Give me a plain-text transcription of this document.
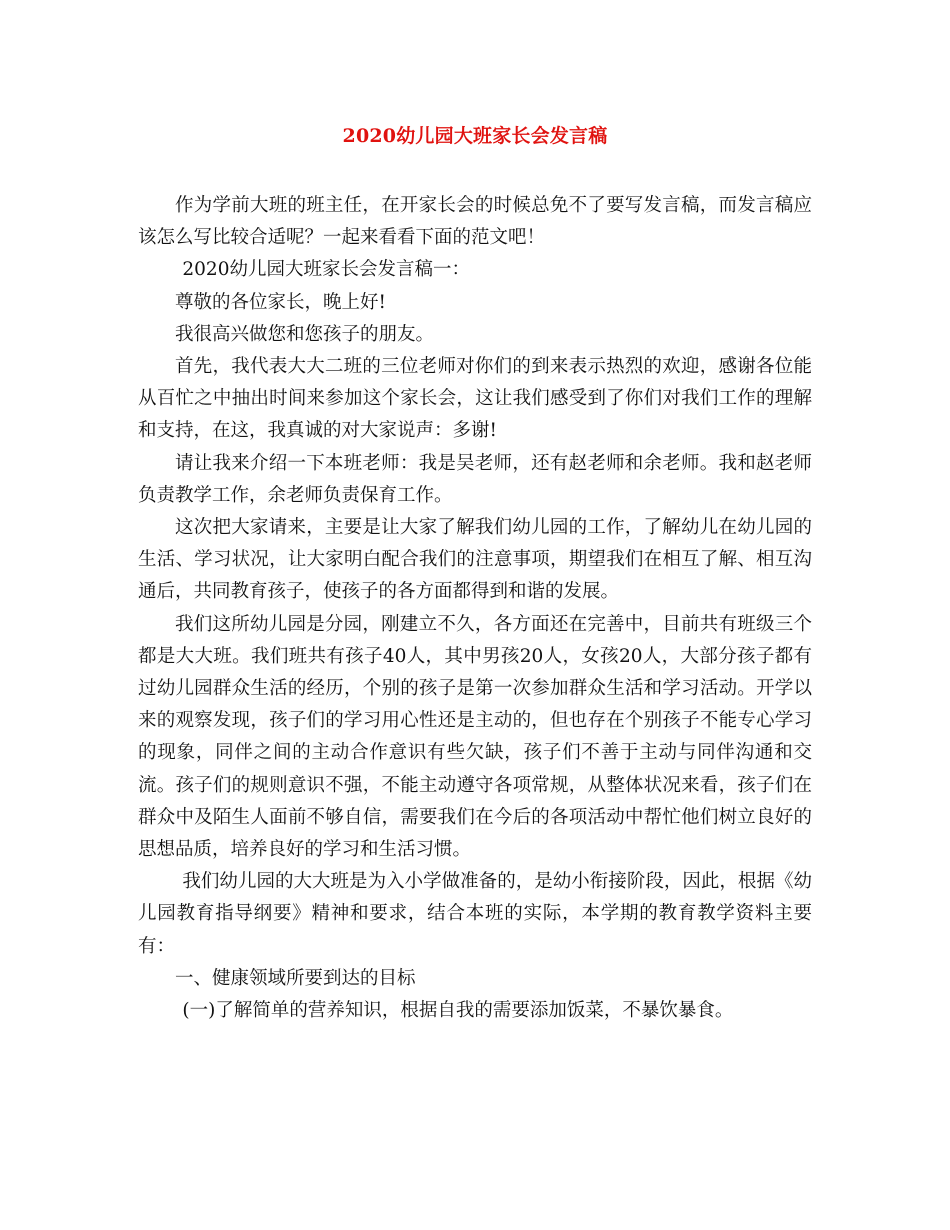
2020幼儿园大班家长会发言稿

作为学前大班的班主任，在开家长会的时候总免不了要写发言稿，而发言稿应该怎么写比较合适呢？一起来看看下面的范文吧！

2020幼儿园大班家长会发言稿一：

尊敬的各位家长，晚上好!

我很高兴做您和您孩子的朋友。

首先，我代表大大二班的三位老师对你们的到来表示热烈的欢迎，感谢各位能从百忙之中抽出时间来参加这个家长会，这让我们感受到了你们对我们工作的理解和支持，在这，我真诚的对大家说声：多谢!

请让我来介绍一下本班老师：我是吴老师，还有赵老师和余老师。我和赵老师负责教学工作，余老师负责保育工作。

这次把大家请来，主要是让大家了解我们幼儿园的工作，了解幼儿在幼儿园的生活、学习状况，让大家明白配合我们的注意事项，期望我们在相互了解、相互沟通后，共同教育孩子，使孩子的各方面都得到和谐的发展。

我们这所幼儿园是分园，刚建立不久，各方面还在完善中，目前共有班级三个都是大大班。我们班共有孩子40人，其中男孩20人，女孩20人，大部分孩子都有过幼儿园群众生活的经历，个别的孩子是第一次参加群众生活和学习活动。开学以来的观察发现，孩子们的学习用心性还是主动的，但也存在个别孩子不能专心学习的现象，同伴之间的主动合作意识有些欠缺，孩子们不善于主动与同伴沟通和交流。孩子们的规则意识不强，不能主动遵守各项常规，从整体状况来看，孩子们在群众中及陌生人面前不够自信，需要我们在今后的各项活动中帮忙他们树立良好的思想品质，培养良好的学习和生活习惯。

我们幼儿园的大大班是为入小学做准备的，是幼小衔接阶段，因此，根据《幼儿园教育指导纲要》精神和要求，结合本班的实际，本学期的教育教学资料主要有：

一、健康领域所要到达的目标

(一)了解简单的营养知识，根据自我的需要添加饭菜，不暴饮暴食。
